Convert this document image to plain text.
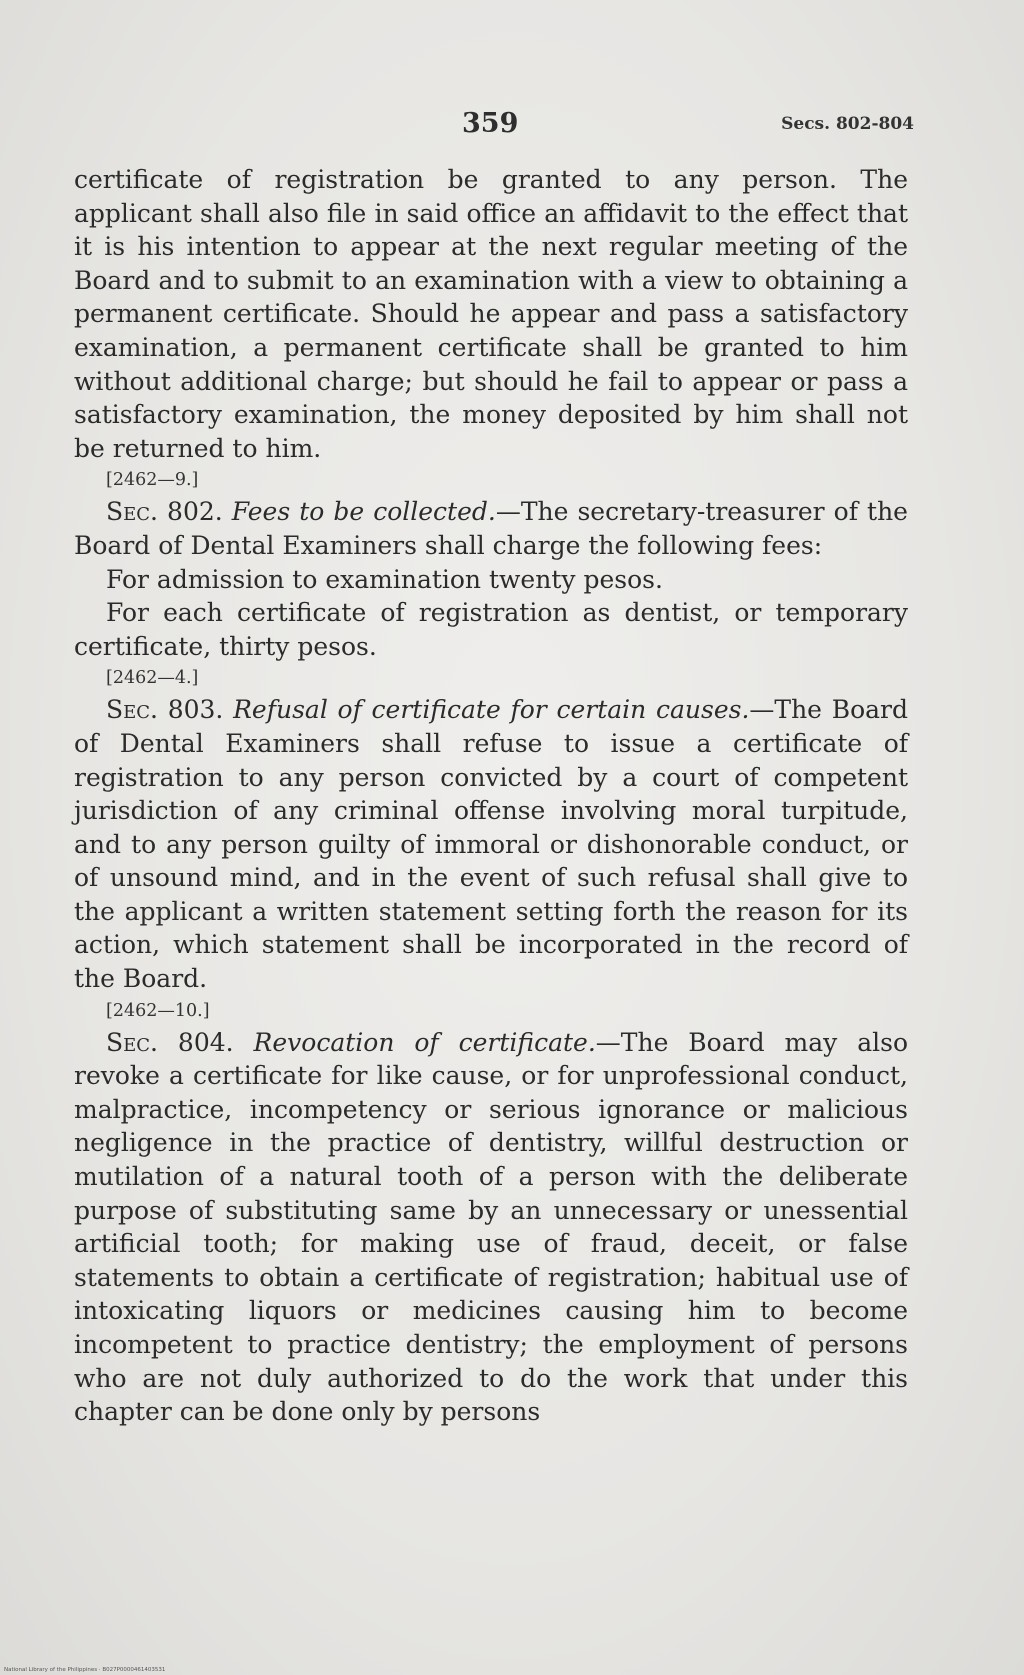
359	Secs. 802-804

certificate of registration be granted to any person. The applicant shall also file in said office an affidavit to the effect that it is his intention to appear at the next regular meeting of the Board and to submit to an examination with a view to obtaining a permanent certificate. Should he appear and pass a satisfactory examination, a permanent certificate shall be granted to him without additional charge; but should he fail to appear or pass a satisfactory examination, the money deposited by him shall not be returned to him.

[2462—9.]

Sec. 802. Fees to be collected.—The secretary-treasurer of the Board of Dental Examiners shall charge the following fees:

For admission to examination twenty pesos.

For each certificate of registration as dentist, or temporary certificate, thirty pesos.

[2462—4.]

Sec. 803. Refusal of certificate for certain causes.—The Board of Dental Examiners shall refuse to issue a certificate of registration to any person convicted by a court of competent jurisdiction of any criminal offense involving moral turpitude, and to any person guilty of immoral or dishonorable conduct, or of unsound mind, and in the event of such refusal shall give to the applicant a written statement setting forth the reason for its action, which statement shall be incorporated in the record of the Board.

[2462—10.]

Sec. 804. Revocation of certificate.—The Board may also revoke a certificate for like cause, or for unprofessional conduct, malpractice, incompetency or serious ignorance or malicious negligence in the practice of dentistry, willful destruction or mutilation of a natural tooth of a person with the deliberate purpose of substituting same by an unnecessary or unessential artificial tooth; for making use of fraud, deceit, or false statements to obtain a certificate of registration; habitual use of intoxicating liquors or medicines causing him to become incompetent to practice dentistry; the employment of persons who are not duly authorized to do the work that under this chapter can be done only by persons

National Library of the Philippines · B027P0000461403531
